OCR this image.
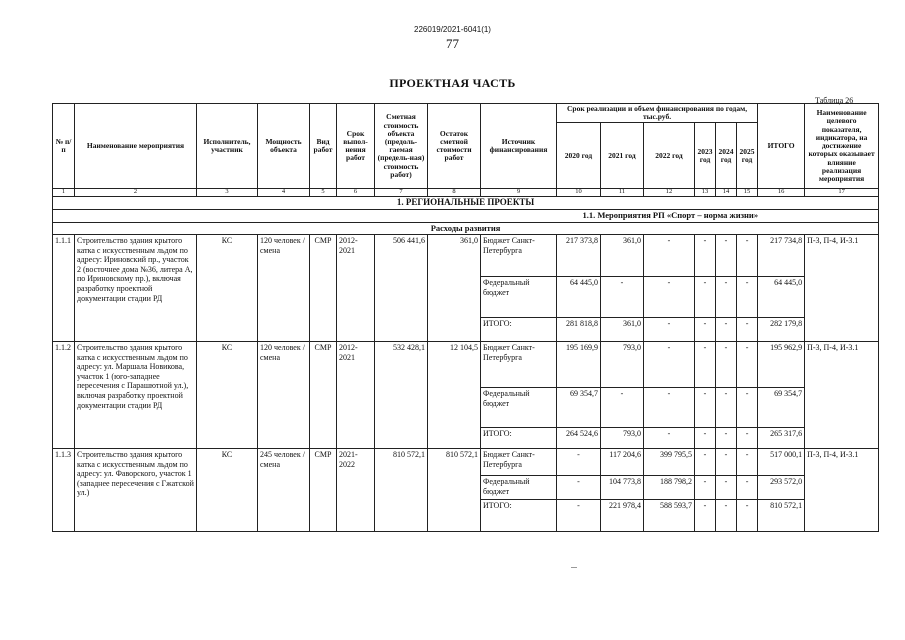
226019/2021-6041(1)
77
ПРОЕКТНАЯ ЧАСТЬ
Таблица 26
№ п/п	Наименование мероприятия	Исполнитель, участник	Мощность объекта	Вид работ	Срок выпол-нения работ	Сметная стоимость объекта (предоль-гаемая (предель-ная) стоимость работ)	Остаток сметной стоимости работ	Источник финансирования	Срок реализации и объем финансирования по годам, тыс.руб.						ИТОГО	Наименование целевого показателя, индикатора, на достижение которых оказывает влияние реализация мероприятия
									2020 год	2021 год	2022 год	2023 год	2024 год	2025 год		
1	2	3	4	5	6	7	8	9	10	11	12	13	14	15	16	17
1. РЕГИОНАЛЬНЫЕ ПРОЕКТЫ																
1.1. Мероприятия РП «Спорт – норма жизни»																
Расходы развития																
1.1.1	Строительство здания крытого катка с искусственным льдом по адресу: Ириновский пр., участок 2 (восточнее дома №36, литера А, по Ириновскому пр.), включая разработку проектной документации стадии РД	КС	120 человек /смена	СМР	2012-2021	506 441,6	361,0	Бюджет Санкт-Петербурга	217 373,8	361,0	-	-	-	-	217 734,8	П-3, П-4, И-3.1
								Федеральный бюджет	64 445,0	-	-	-	-	-	64 445,0	
								ИТОГО:	281 818,8	361,0	-	-	-	-	282 179,8	
1.1.2	Строительство здания крытого катка с искусственным льдом по адресу: ул. Маршала Новикова, участок 1 (юго-западнее пересечения с Парашютной ул.), включая разработку проектной документации стадии РД	КС	120 человек /смена	СМР	2012-2021	532 428,1	12 104,5	Бюджет Санкт-Петербурга	195 169,9	793,0	-	-	-	-	195 962,9	П-3, П-4, И-3.1
								Федеральный бюджет	69 354,7	-	-	-	-	-	69 354,7	
								ИТОГО:	264 524,6	793,0	-	-	-	-	265 317,6	
1.1.3	Строительство здания крытого катка с искусственным льдом по адресу: ул. Фаворского, участок 1 (западнее пересечения с Гжатской ул.)	КС	245 человек /смена	СМР	2021-2022	810 572,1	810 572,1	Бюджет Санкт-Петербурга	-	117 204,6	399 795,5	-	-	-	517 000,1	П-3, П-4, И-3.1
								Федеральный бюджет	-	104 773,8	188 798,2	-	-	-	293 572,0	
								ИТОГО:	-	221 978,4	588 593,7	-	-	-	810 572,1	
